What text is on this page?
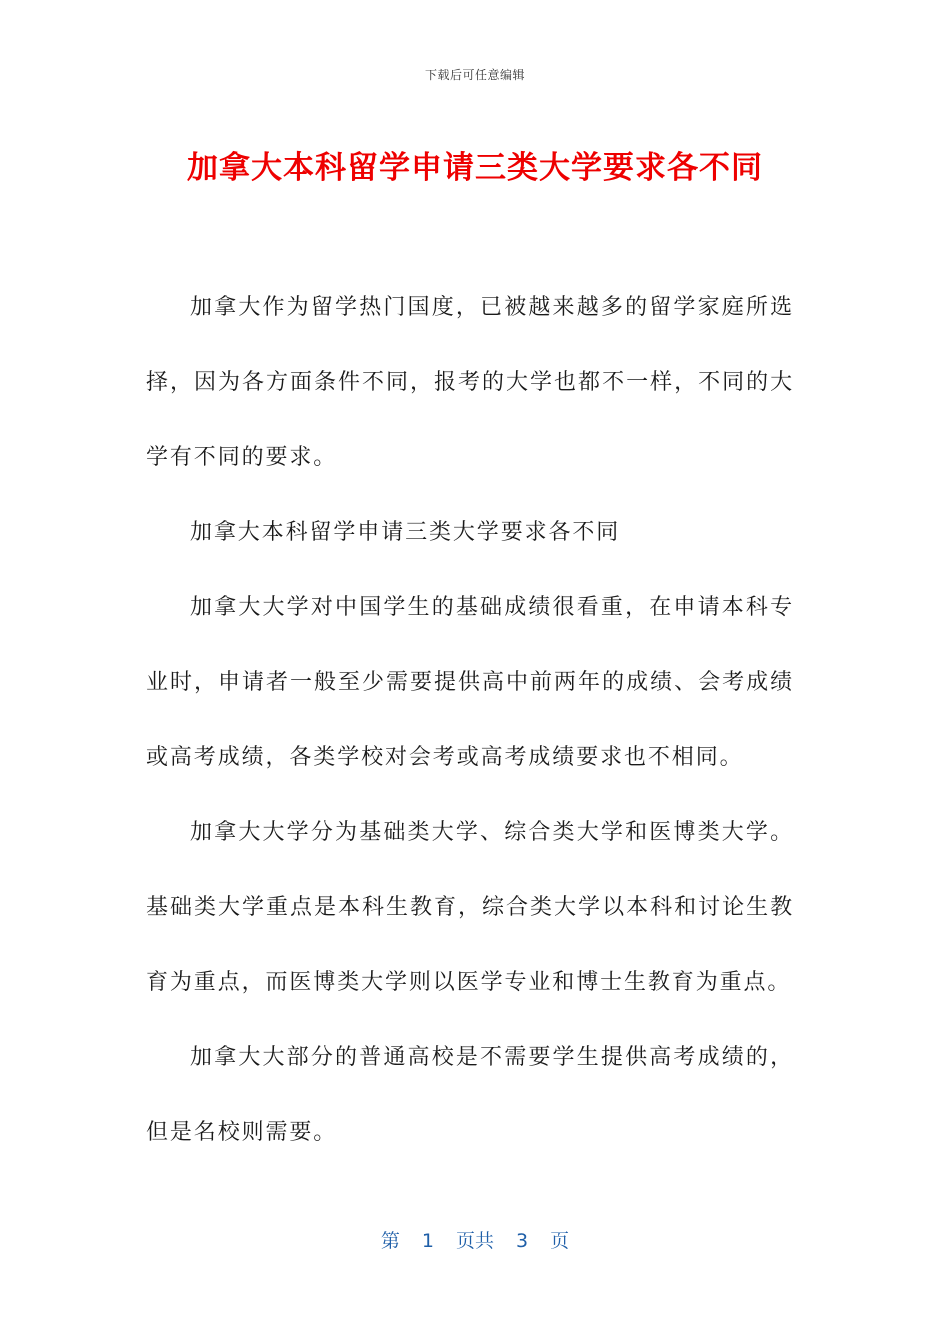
下载后可任意编辑
加拿大本科留学申请三类大学要求各不同

加拿大作为留学热门国度，已被越来越多的留学家庭所选择，因为各方面条件不同，报考的大学也都不一样，不同的大学有不同的要求。

加拿大本科留学申请三类大学要求各不同

加拿大大学对中国学生的基础成绩很看重，在申请本科专业时，申请者一般至少需要提供高中前两年的成绩、会考成绩或高考成绩，各类学校对会考或高考成绩要求也不相同。

加拿大大学分为基础类大学、综合类大学和医博类大学。基础类大学重点是本科生教育，综合类大学以本科和讨论生教育为重点，而医博类大学则以医学专业和博士生教育为重点。

加拿大大部分的普通高校是不需要学生提供高考成绩的，但是名校则需要。

第 1 页共 3 页
